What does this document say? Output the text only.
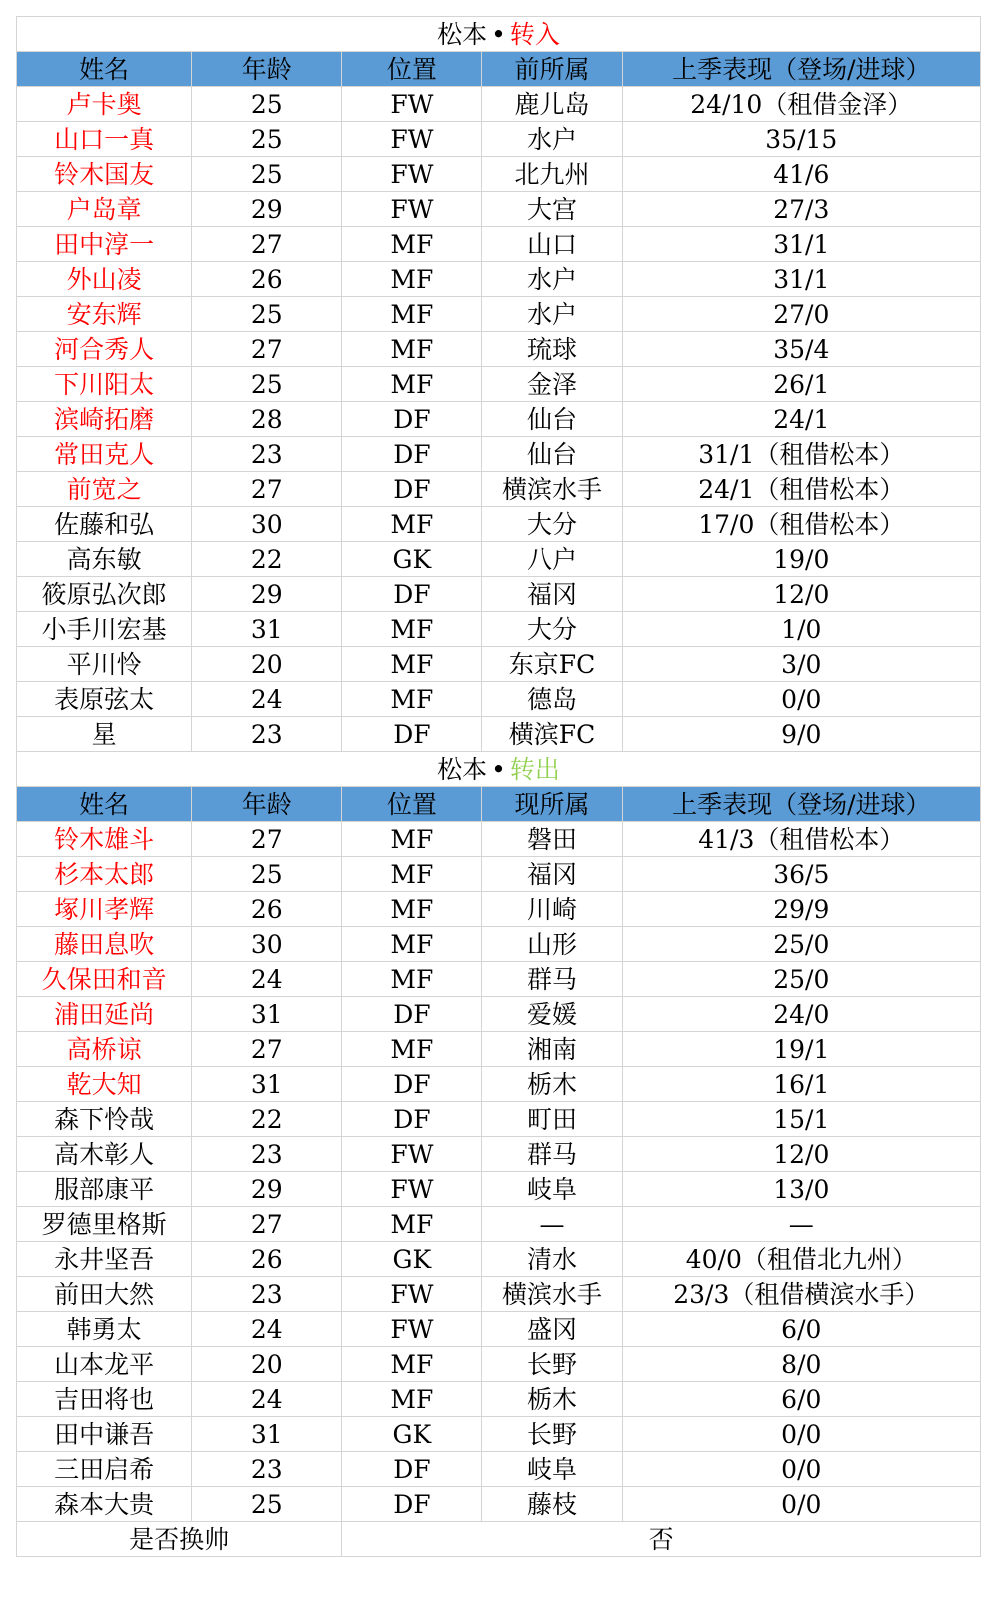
松本 • 转入				
姓名	年龄	位置	前所属	上季表现（登场/进球）
卢卡奥	25	FW	鹿儿岛	24/10（租借金泽）
山口一真	25	FW	水户	35/15
铃木国友	25	FW	北九州	41/6
户岛章	29	FW	大宫	27/3
田中淳一	27	MF	山口	31/1
外山凌	26	MF	水户	31/1
安东辉	25	MF	水户	27/0
河合秀人	27	MF	琉球	35/4
下川阳太	25	MF	金泽	26/1
滨崎拓磨	28	DF	仙台	24/1
常田克人	23	DF	仙台	31/1（租借松本）
前宽之	27	DF	横滨水手	24/1（租借松本）
佐藤和弘	30	MF	大分	17/0（租借松本）
高东敏	22	GK	八户	19/0
筱原弘次郎	29	DF	福冈	12/0
小手川宏基	31	MF	大分	1/0
平川怜	20	MF	东京FC	3/0
表原弦太	24	MF	德岛	0/0
星	23	DF	横滨FC	9/0
松本 • 转出				
姓名	年龄	位置	现所属	上季表现（登场/进球）
铃木雄斗	27	MF	磐田	41/3（租借松本）
杉本太郎	25	MF	福冈	36/5
塚川孝辉	26	MF	川崎	29/9
藤田息吹	30	MF	山形	25/0
久保田和音	24	MF	群马	25/0
浦田延尚	31	DF	爱媛	24/0
高桥谅	27	MF	湘南	19/1
乾大知	31	DF	栃木	16/1
森下怜哉	22	DF	町田	15/1
高木彰人	23	FW	群马	12/0
服部康平	29	FW	岐阜	13/0
罗德里格斯	27	MF	—	—
永井坚吾	26	GK	清水	40/0（租借北九州）
前田大然	23	FW	横滨水手	23/3（租借横滨水手）
韩勇太	24	FW	盛冈	6/0
山本龙平	20	MF	长野	8/0
吉田将也	24	MF	栃木	6/0
田中谦吾	31	GK	长野	0/0
三田启希	23	DF	岐阜	0/0
森本大贵	25	DF	藤枝	0/0
是否换帅		否		
